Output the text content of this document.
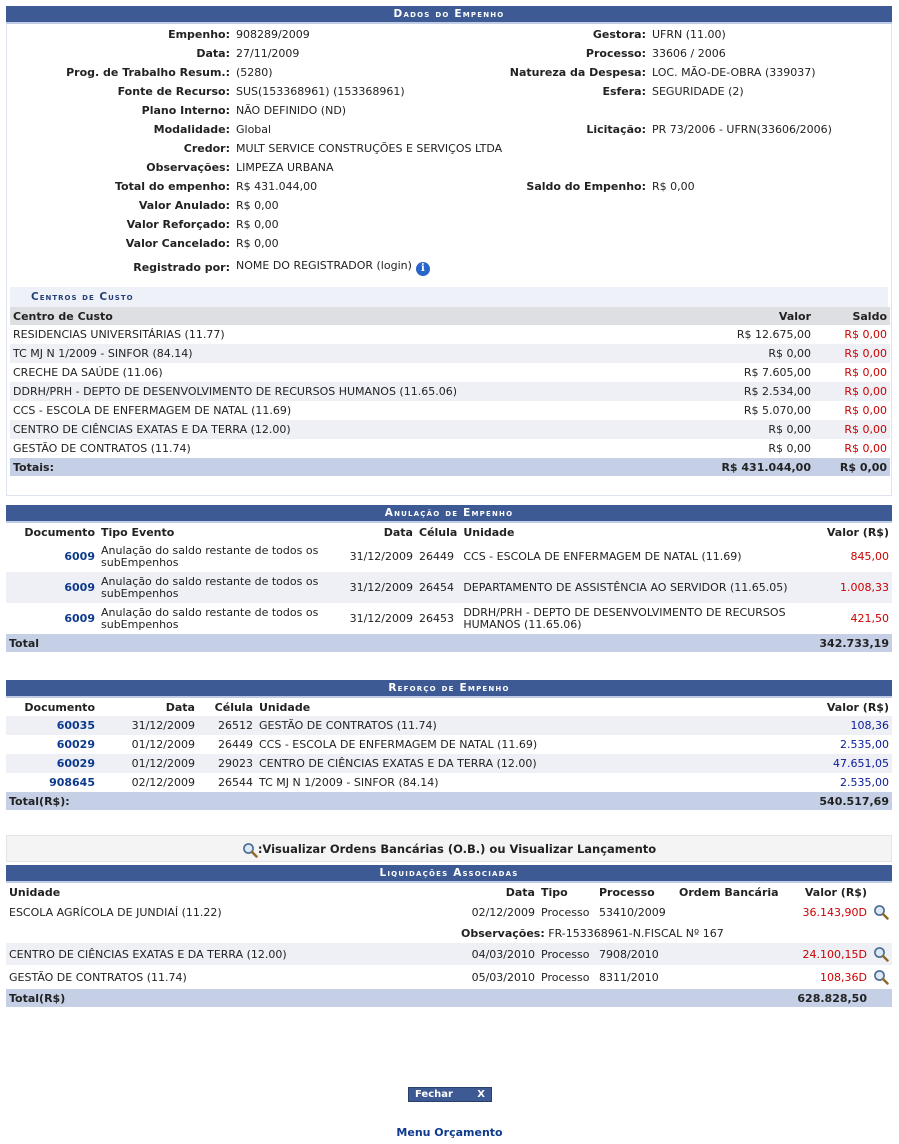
Dados do Empenho
Empenho:	908289/2009	Gestora:	UFRN (11.00)
Data:	27/11/2009	Processo:	33606 / 2006
Prog. de Trabalho Resum.:	(5280)	Natureza da Despesa:	LOC. MÃO-DE-OBRA (339037)
Fonte de Recurso:	SUS(153368961) (153368961)	Esfera:	SEGURIDADE (2)
Plano Interno:	NÃO DEFINIDO (ND)		
Modalidade:	Global	Licitação:	PR 73/2006 - UFRN(33606/2006)
Credor:	MULT SERVICE CONSTRUÇÕES E SERVIÇOS LTDA		
Observações:	LIMPEZA URBANA		
Total do empenho:	R$ 431.044,00	Saldo do Empenho:	R$ 0,00
Valor Anulado:	R$ 0,00		
Valor Reforçado:	R$ 0,00		
Valor Cancelado:	R$ 0,00		
Registrado por:	NOME DO REGISTRADOR (login) i		
Centros de Custo
Centro de Custo	Valor	Saldo
RESIDENCIAS UNIVERSITÁRIAS (11.77)	R$ 12.675,00	R$ 0,00
TC MJ N 1/2009 - SINFOR (84.14)	R$ 0,00	R$ 0,00
CRECHE DA SAÚDE (11.06)	R$ 7.605,00	R$ 0,00
DDRH/PRH - DEPTO DE DESENVOLVIMENTO DE RECURSOS HUMANOS (11.65.06)	R$ 2.534,00	R$ 0,00
CCS - ESCOLA DE ENFERMAGEM DE NATAL (11.69)	R$ 5.070,00	R$ 0,00
CENTRO DE CIÊNCIAS EXATAS E DA TERRA (12.00)	R$ 0,00	R$ 0,00
GESTÃO DE CONTRATOS (11.74)	R$ 0,00	R$ 0,00
Totais:	R$ 431.044,00	R$ 0,00
Anulação de Empenho
Documento	Tipo Evento	Data	Célula	Unidade	Valor (R$)
6009	Anulação do saldo restante de todos os subEmpenhos	31/12/2009	26449	CCS - ESCOLA DE ENFERMAGEM DE NATAL (11.69)	845,00
6009	Anulação do saldo restante de todos os subEmpenhos	31/12/2009	26454	DEPARTAMENTO DE ASSISTÊNCIA AO SERVIDOR (11.65.05)	1.008,33
6009	Anulação do saldo restante de todos os subEmpenhos	31/12/2009	26453	DDRH/PRH - DEPTO DE DESENVOLVIMENTO DE RECURSOS HUMANOS (11.65.06)	421,50
Total					342.733,19
Reforço de Empenho
Documento	Data	Célula	Unidade	Valor (R$)
60035	31/12/2009	26512	GESTÃO DE CONTRATOS (11.74)	108,36
60029	01/12/2009	26449	CCS - ESCOLA DE ENFERMAGEM DE NATAL (11.69)	2.535,00
60029	01/12/2009	29023	CENTRO DE CIÊNCIAS EXATAS E DA TERRA (12.00)	47.651,05
908645	02/12/2009	26544	TC MJ N 1/2009 - SINFOR (84.14)	2.535,00
Total(R$):				540.517,69
:Visualizar Ordens Bancárias (O.B.) ou Visualizar Lançamento
Liquidações Associadas
Unidade	Data	Tipo	Processo	Ordem Bancária	Valor (R$)	
ESCOLA AGRÍCOLA DE JUNDIAÍ (11.22)	02/12/2009	Processo	53410/2009		36.143,90D	
Observações: FR-153368961-N.FISCAL Nº 167						
CENTRO DE CIÊNCIAS EXATAS E DA TERRA (12.00)	04/03/2010	Processo	7908/2010		24.100,15D	
GESTÃO DE CONTRATOS (11.74)	05/03/2010	Processo	8311/2010		108,36D	
Total(R$)					628.828,50	
Fechar X
Menu Orçamento
